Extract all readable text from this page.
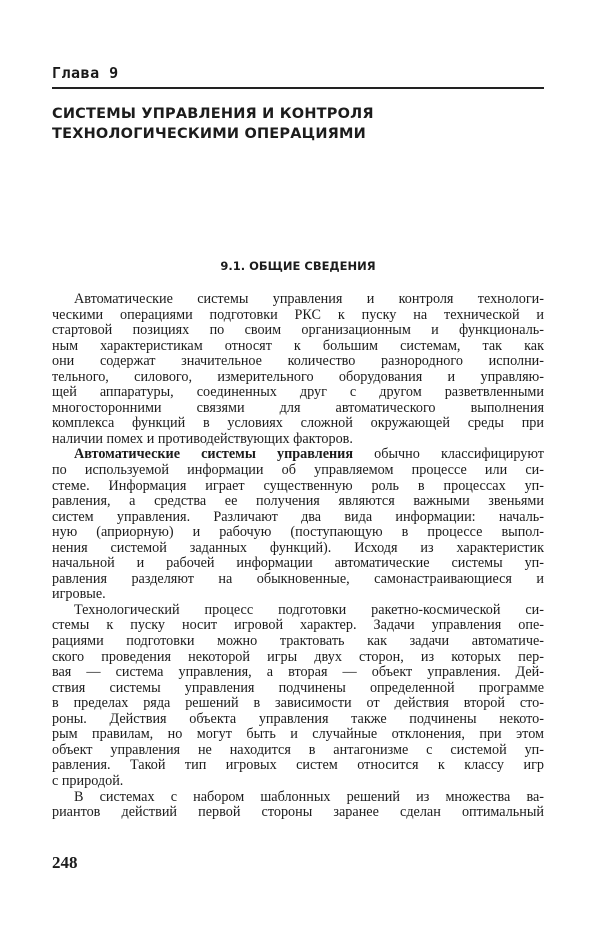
Глава 9
СИСТЕМЫ УПРАВЛЕНИЯ И КОНТРОЛЯ
ТЕХНОЛОГИЧЕСКИМИ ОПЕРАЦИЯМИ
9.1. ОБЩИЕ СВЕДЕНИЯ

Автоматические системы управления и контроля технологи-
ческими операциями подготовки РКС к пуску на технической и
стартовой позициях по своим организационным и функциональ-
ным характеристикам относят к большим системам, так как
они содержат значительное количество разнородного исполни-
тельного, силового, измерительного оборудования и управляю-
щей аппаратуры, соединенных друг с другом разветвленными
многосторонними связями для автоматического выполнения
комплекса функций в условиях сложной окружающей среды при
наличии помех и противодействующих факторов.

Автоматические системы управления обычно классифицируют
по используемой информации об управляемом процессе или си-
стеме. Информация играет существенную роль в процессах уп-
равления, а средства ее получения являются важными звеньями
систем управления. Различают два вида информации: началь-
ную (априорную) и рабочую (поступающую в процессе выпол-
нения системой заданных функций). Исходя из характеристик
начальной и рабочей информации автоматические системы уп-
равления разделяют на обыкновенные, самонастраивающиеся и
игровые.

Технологический процесс подготовки ракетно-космической си-
стемы к пуску носит игровой характер. Задачи управления опе-
рациями подготовки можно трактовать как задачи автоматиче-
ского проведения некоторой игры двух сторон, из которых пер-
вая — система управления, а вторая — объект управления. Дей-
ствия системы управления подчинены определенной программе
в пределах ряда решений в зависимости от действия второй сто-
роны. Действия объекта управления также подчинены некото-
рым правилам, но могут быть и случайные отклонения, при этом
объект управления не находится в антагонизме с системой уп-
равления. Такой тип игровых систем относится к классу игр
с природой.

В системах с набором шаблонных решений из множества ва-
риантов действий первой стороны заранее сделан оптимальный

248
